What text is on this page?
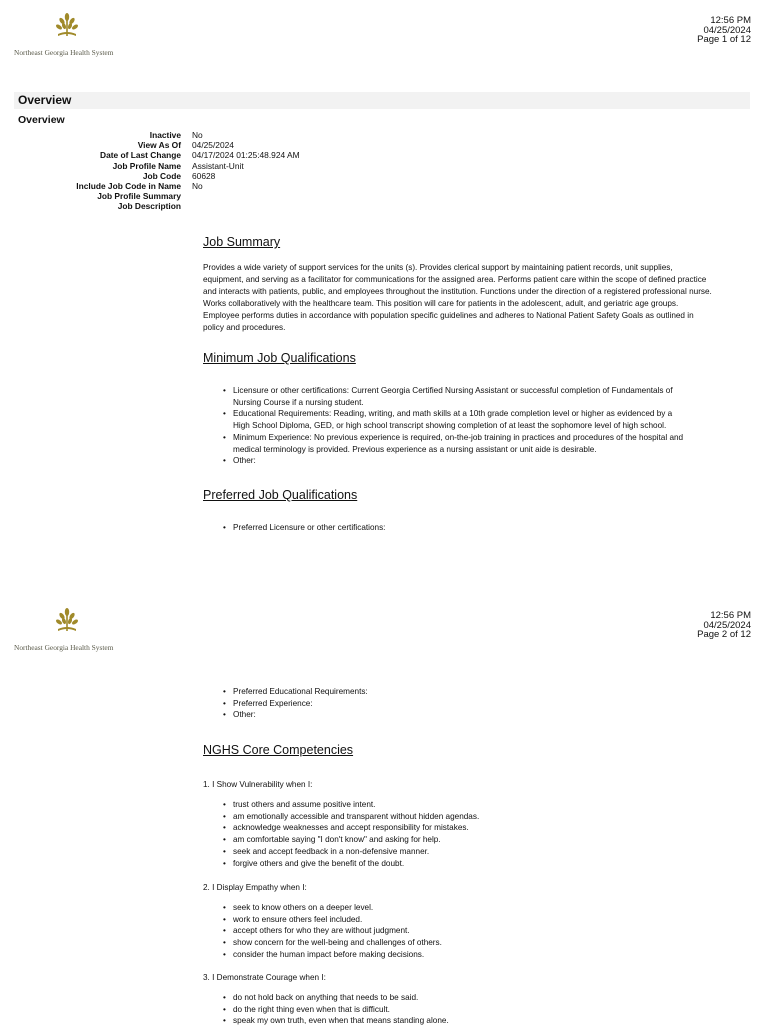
Northeast Georgia Health System
12:56 PM
04/25/2024
Page 1 of 12
Overview
Overview
Inactive	No
View As Of	04/25/2024
Date of Last Change	04/17/2024 01:25:48.924 AM
Job Profile Name	Assistant-Unit
Job Code	60628
Include Job Code in Name	No
Job Profile Summary
Job Description
Job Summary
Provides a wide variety of support services for the units (s). Provides clerical support by maintaining patient records, unit supplies,
equipment, and serving as a facilitator for communications for the assigned area. Performs patient care within the scope of defined practice
and interacts with patients, public, and employees throughout the institution. Functions under the direction of a registered professional nurse.
Works collaboratively with the healthcare team. This position will care for patients in the adolescent, adult, and geriatric age groups.
Employee performs duties in accordance with population specific guidelines and adheres to National Patient Safety Goals as outlined in
policy and procedures.
Minimum Job Qualifications
• Licensure or other certifications: Current Georgia Certified Nursing Assistant or successful completion of Fundamentals of
Nursing Course if a nursing student.
• Educational Requirements: Reading, writing, and math skills at a 10th grade completion level or higher as evidenced by a
High School Diploma, GED, or high school transcript showing completion of at least the sophomore level of high school.
• Minimum Experience: No previous experience is required, on-the-job training in practices and procedures of the hospital and
medical terminology is provided. Previous experience as a nursing assistant or unit aide is desirable.
• Other:
Preferred Job Qualifications
• Preferred Licensure or other certifications:
Northeast Georgia Health System
12:56 PM
04/25/2024
Page 2 of 12
• Preferred Educational Requirements:
• Preferred Experience:
• Other:
NGHS Core Competencies
1. I Show Vulnerability when I:
• trust others and assume positive intent.
• am emotionally accessible and transparent without hidden agendas.
• acknowledge weaknesses and accept responsibility for mistakes.
• am comfortable saying "I don't know" and asking for help.
• seek and accept feedback in a non-defensive manner.
• forgive others and give the benefit of the doubt.
2. I Display Empathy when I:
• seek to know others on a deeper level.
• work to ensure others feel included.
• accept others for who they are without judgment.
• show concern for the well-being and challenges of others.
• consider the human impact before making decisions.
3. I Demonstrate Courage when I:
• do not hold back on anything that needs to be said.
• do the right thing even when that is difficult.
• speak my own truth, even when that means standing alone.
